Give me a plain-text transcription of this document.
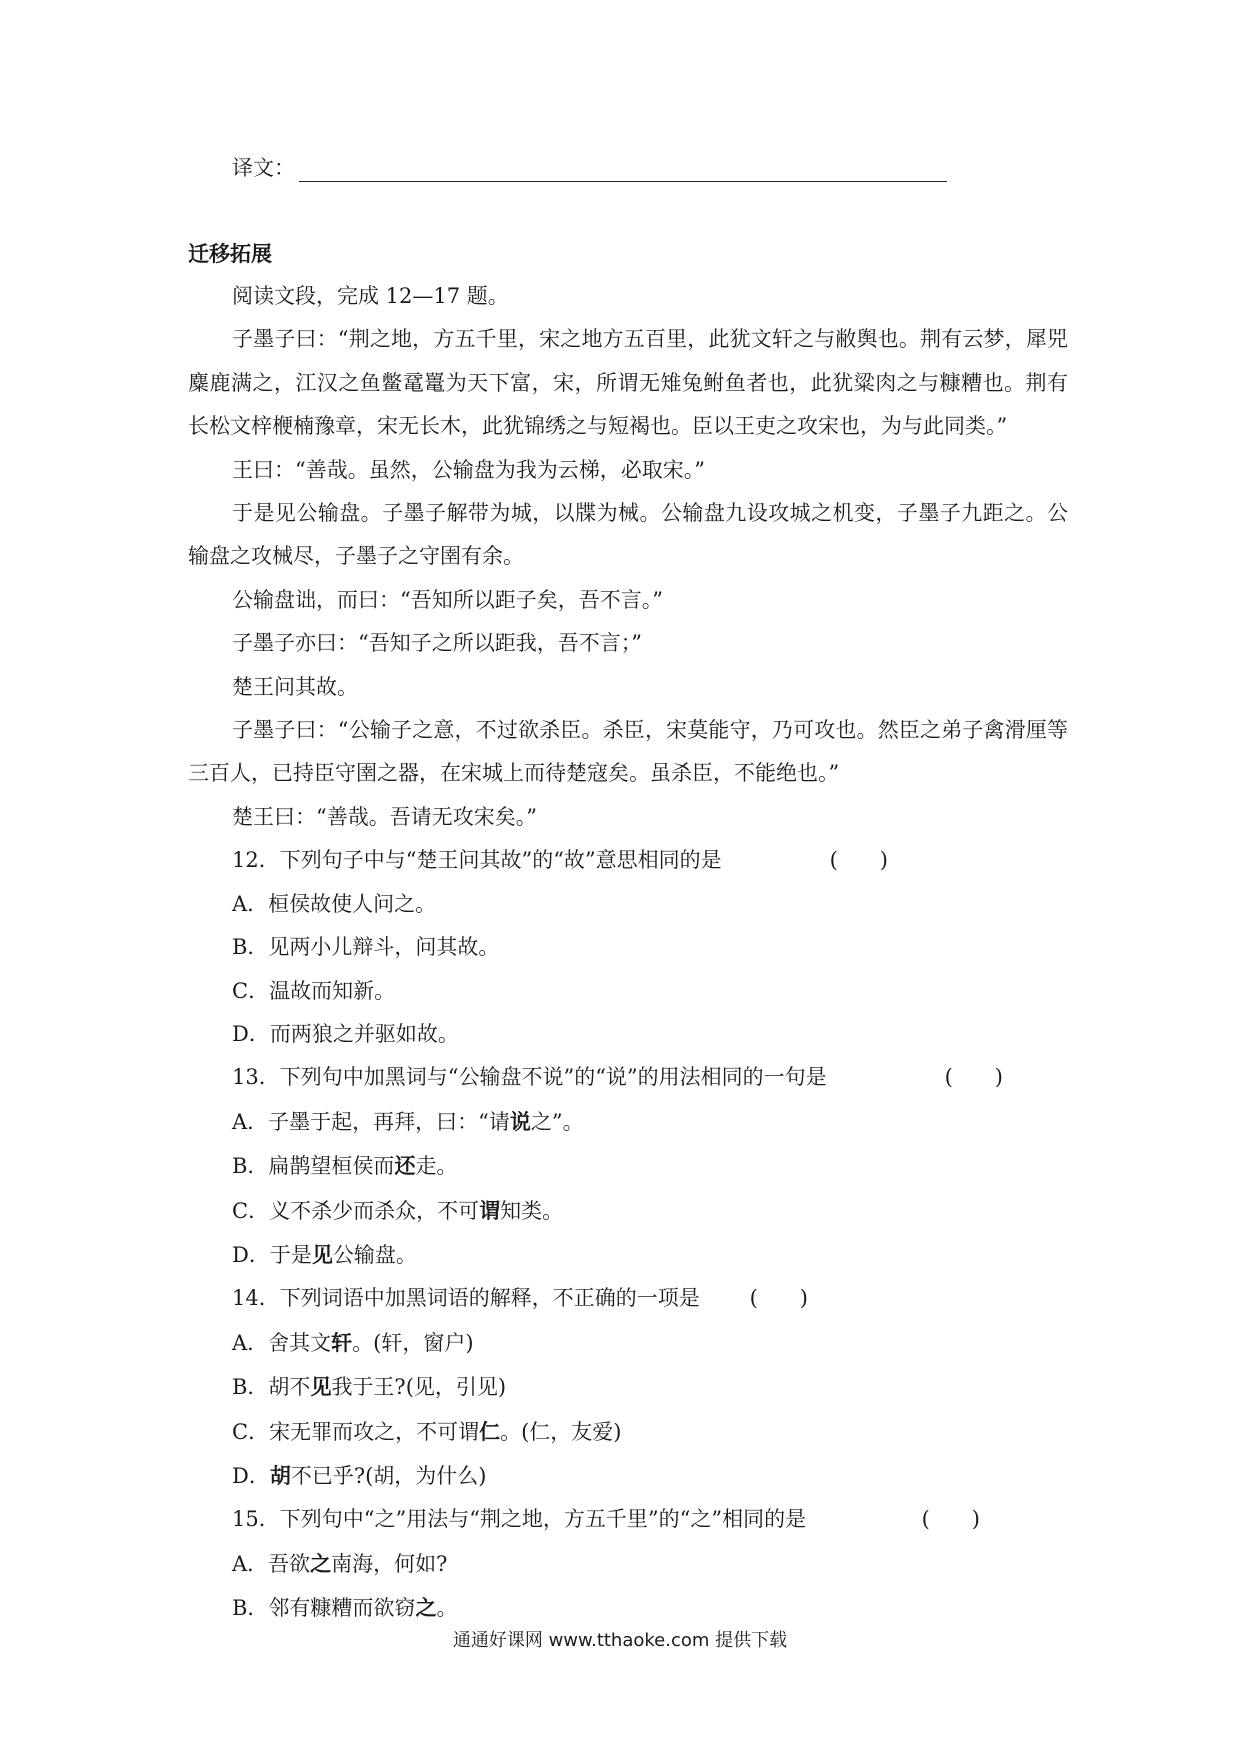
译文：
迁移拓展

阅读文段，完成 12—17 题。

子墨子曰：“荆之地，方五千里，宋之地方五百里，此犹文轩之与敝舆也。荆有云梦，犀兕麋鹿满之，江汉之鱼鳖鼋鼍为天下富，宋，所谓无雉兔鲋鱼者也，此犹粱肉之与糠糟也。荆有长松文梓楩楠豫章，宋无长木，此犹锦绣之与短褐也。臣以王吏之攻宋也，为与此同类。”

王曰：“善哉。虽然，公输盘为我为云梯，必取宋。”

于是见公输盘。子墨子解带为城，以牒为械。公输盘九设攻城之机变，子墨子九距之。公输盘之攻械尽，子墨子之守圉有余。

公输盘诎，而曰：“吾知所以距子矣，吾不言。”

子墨子亦曰：“吾知子之所以距我，吾不言；”

楚王问其故。

子墨子曰：“公输子之意，不过欲杀臣。杀臣，宋莫能守，乃可攻也。然臣之弟子禽滑厘等三百人，已持臣守圉之器，在宋城上而待楚寇矣。虽杀臣，不能绝也。”

楚王曰：“善哉。吾请无攻宋矣。”

12．下列句子中与“楚王问其故”的“故”意思相同的是	(　　)

A．桓侯故使人问之。

B．见两小儿辩斗，问其故。

C．温故而知新。

D．而两狼之并驱如故。

13．下列句中加黑词与“公输盘不说”的“说”的用法相同的一句是	(　　)

A．子墨于起，再拜，曰：“请说之”。

B．扁鹊望桓侯而还走。

C．义不杀少而杀众，不可谓知类。

D．于是见公输盘。

14．下列词语中加黑词语的解释，不正确的一项是	(　　)

A．舍其文轩。(轩，窗户)

B．胡不见我于王?(见，引见)

C．宋无罪而攻之，不可谓仁。(仁，友爱)

D．胡不已乎?(胡，为什么)

15．下列句中“之”用法与“荆之地，方五千里”的“之”相同的是	(　　)

A．吾欲之南海，何如?

B．邻有糠糟而欲窃之。

通通好课网 www.tthaoke.com 提供下载
